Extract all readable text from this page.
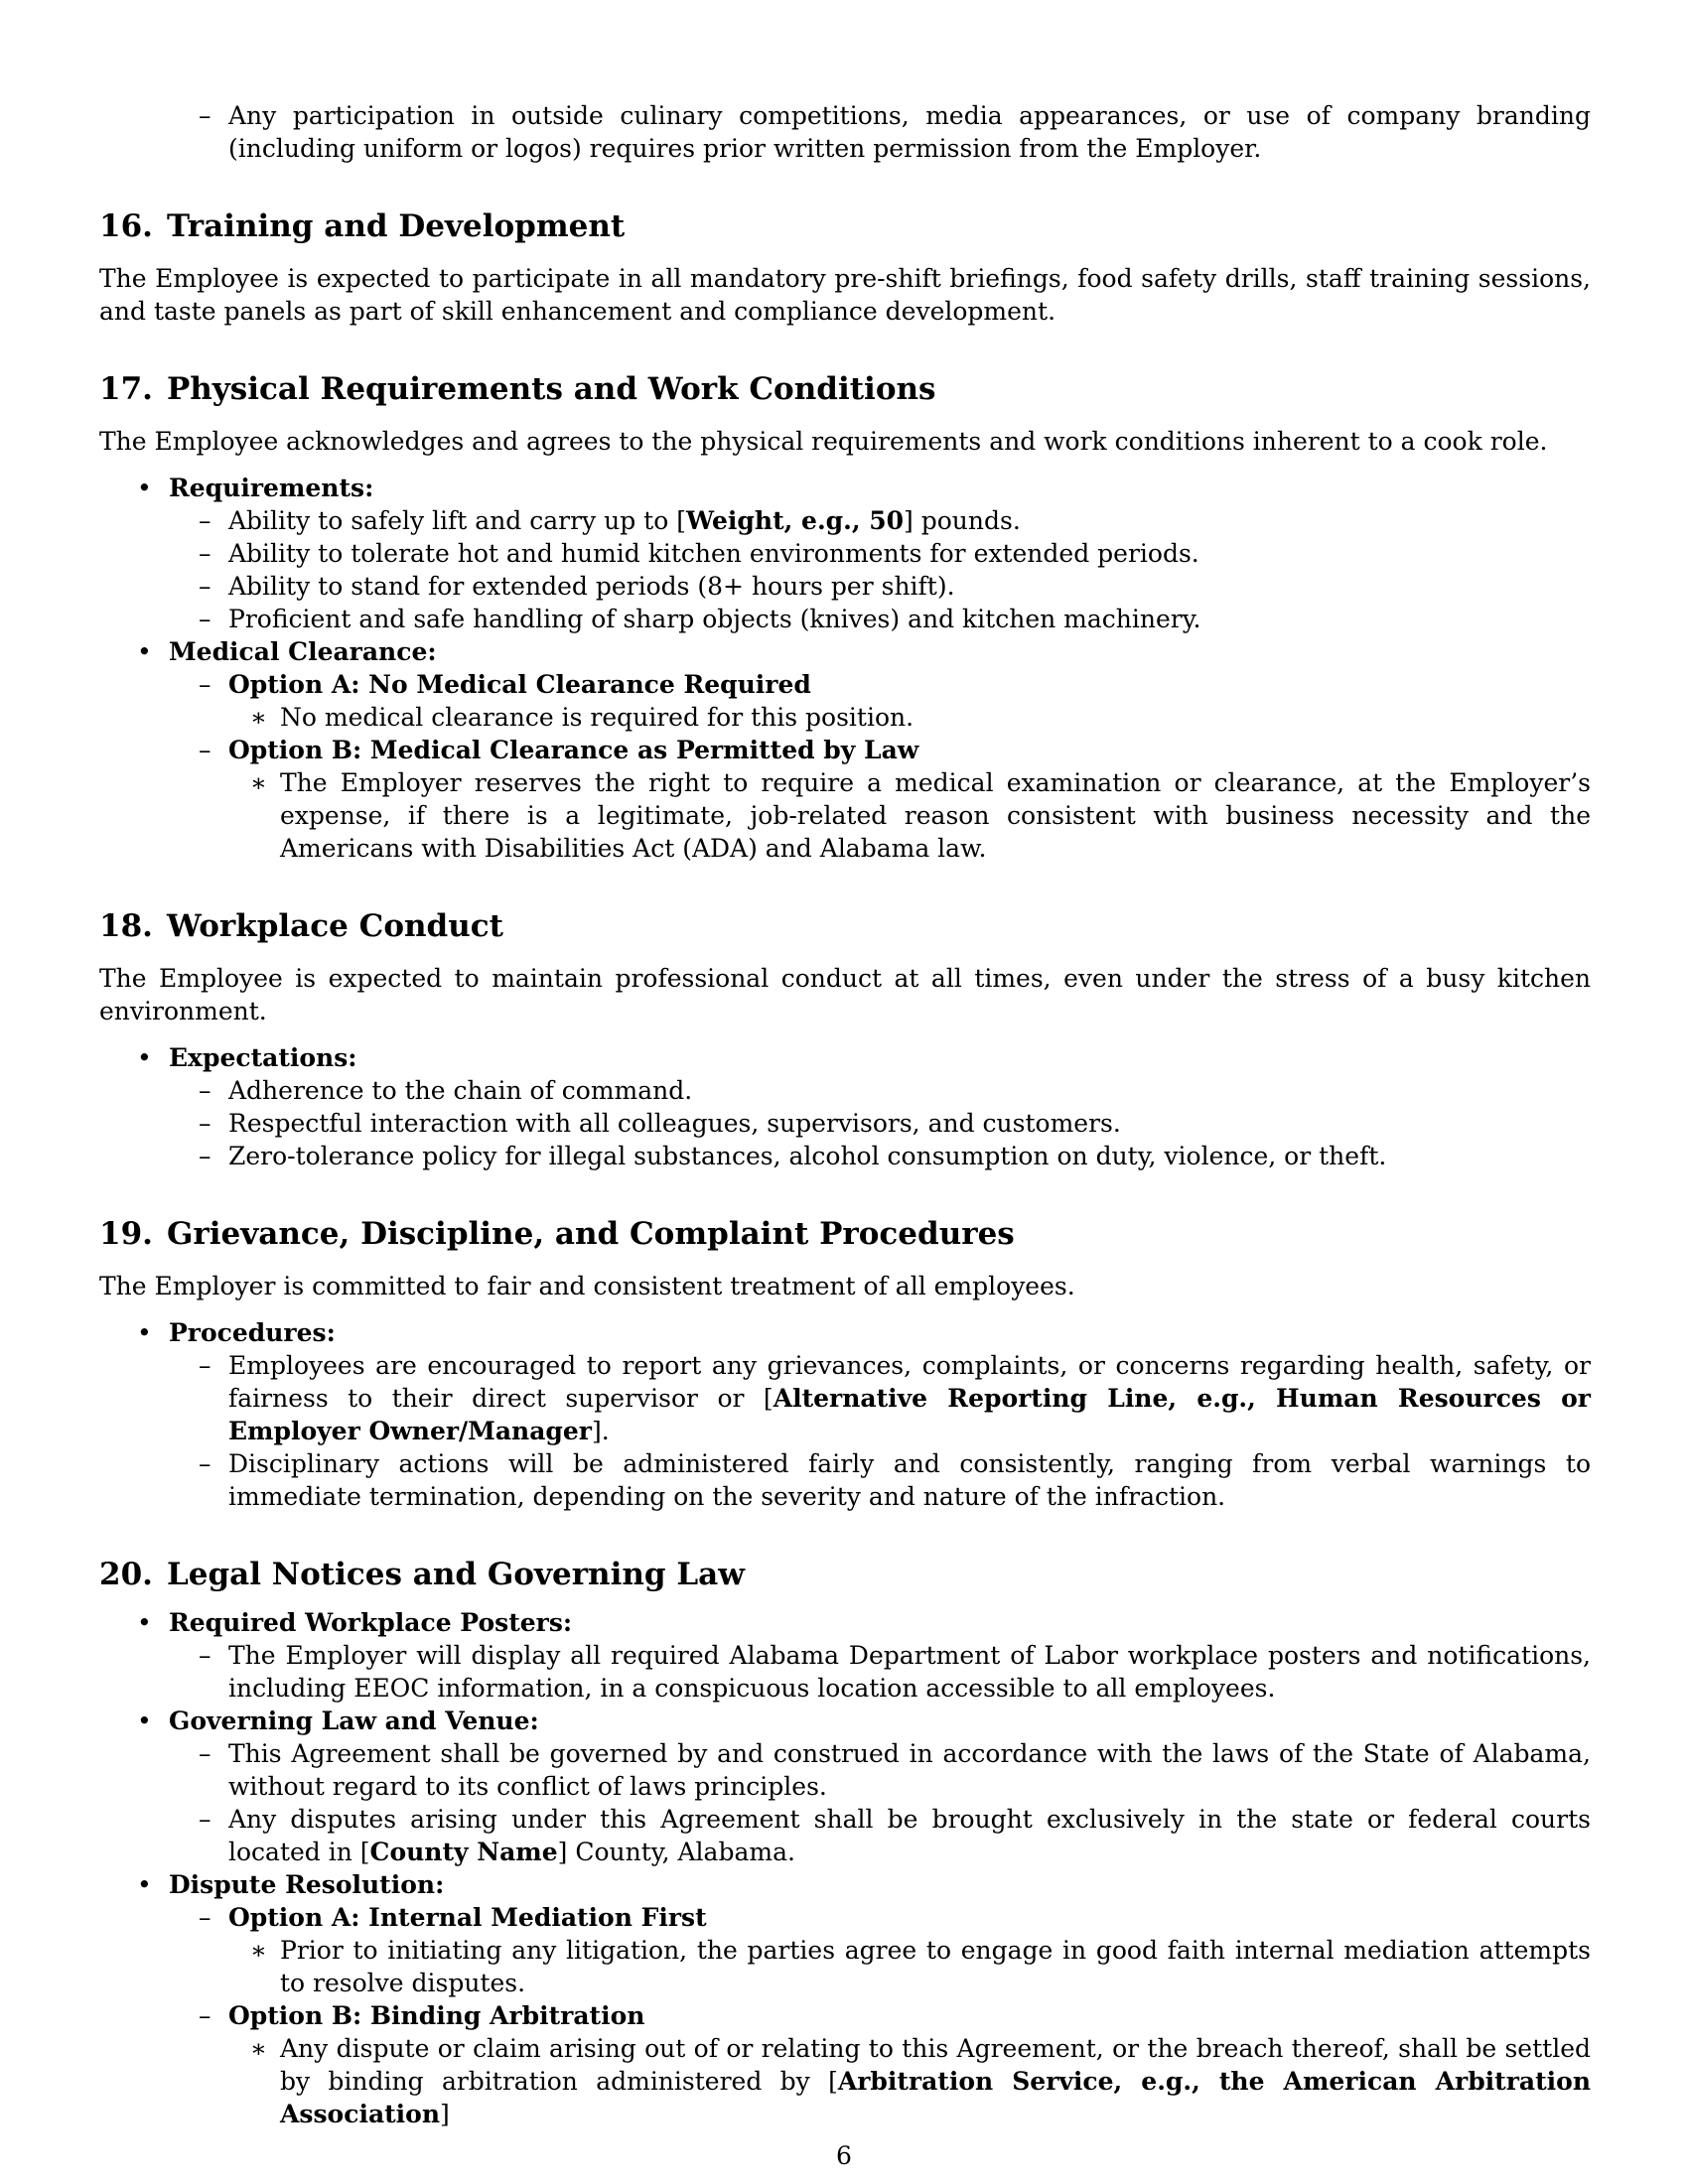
– Any participation in outside culinary competitions, media appearances, or use of company branding (including uniform or logos) requires prior written permission from the Employer.
16. Training and Development
The Employee is expected to participate in all mandatory pre-shift briefings, food safety drills, staff training sessions, and taste panels as part of skill enhancement and compliance development.
17. Physical Requirements and Work Conditions
The Employee acknowledges and agrees to the physical requirements and work conditions inherent to a cook role.
• Requirements:
– Ability to safely lift and carry up to [Weight, e.g., 50] pounds.
– Ability to tolerate hot and humid kitchen environments for extended periods.
– Ability to stand for extended periods (8+ hours per shift).
– Proficient and safe handling of sharp objects (knives) and kitchen machinery.
• Medical Clearance:
– Option A: No Medical Clearance Required
∗ No medical clearance is required for this position.
– Option B: Medical Clearance as Permitted by Law
∗ The Employer reserves the right to require a medical examination or clearance, at the Employer’s expense, if there is a legitimate, job-related reason consistent with business necessity and the Americans with Disabilities Act (ADA) and Alabama law.
18. Workplace Conduct
The Employee is expected to maintain professional conduct at all times, even under the stress of a busy kitchen environment.
• Expectations:
– Adherence to the chain of command.
– Respectful interaction with all colleagues, supervisors, and customers.
– Zero-tolerance policy for illegal substances, alcohol consumption on duty, violence, or theft.
19. Grievance, Discipline, and Complaint Procedures
The Employer is committed to fair and consistent treatment of all employees.
• Procedures:
– Employees are encouraged to report any grievances, complaints, or concerns regarding health, safety, or fairness to their direct supervisor or [Alternative Reporting Line, e.g., Human Resources or Employer Owner/Manager].
– Disciplinary actions will be administered fairly and consistently, ranging from verbal warnings to immediate termination, depending on the severity and nature of the infraction.
20. Legal Notices and Governing Law
• Required Workplace Posters:
– The Employer will display all required Alabama Department of Labor workplace posters and notifications, including EEOC information, in a conspicuous location accessible to all employees.
• Governing Law and Venue:
– This Agreement shall be governed by and construed in accordance with the laws of the State of Alabama, without regard to its conflict of laws principles.
– Any disputes arising under this Agreement shall be brought exclusively in the state or federal courts located in [County Name] County, Alabama.
• Dispute Resolution:
– Option A: Internal Mediation First
∗ Prior to initiating any litigation, the parties agree to engage in good faith internal mediation attempts to resolve disputes.
– Option B: Binding Arbitration
∗ Any dispute or claim arising out of or relating to this Agreement, or the breach thereof, shall be settled by binding arbitration administered by [Arbitration Service, e.g., the American Arbitration Association]
6
